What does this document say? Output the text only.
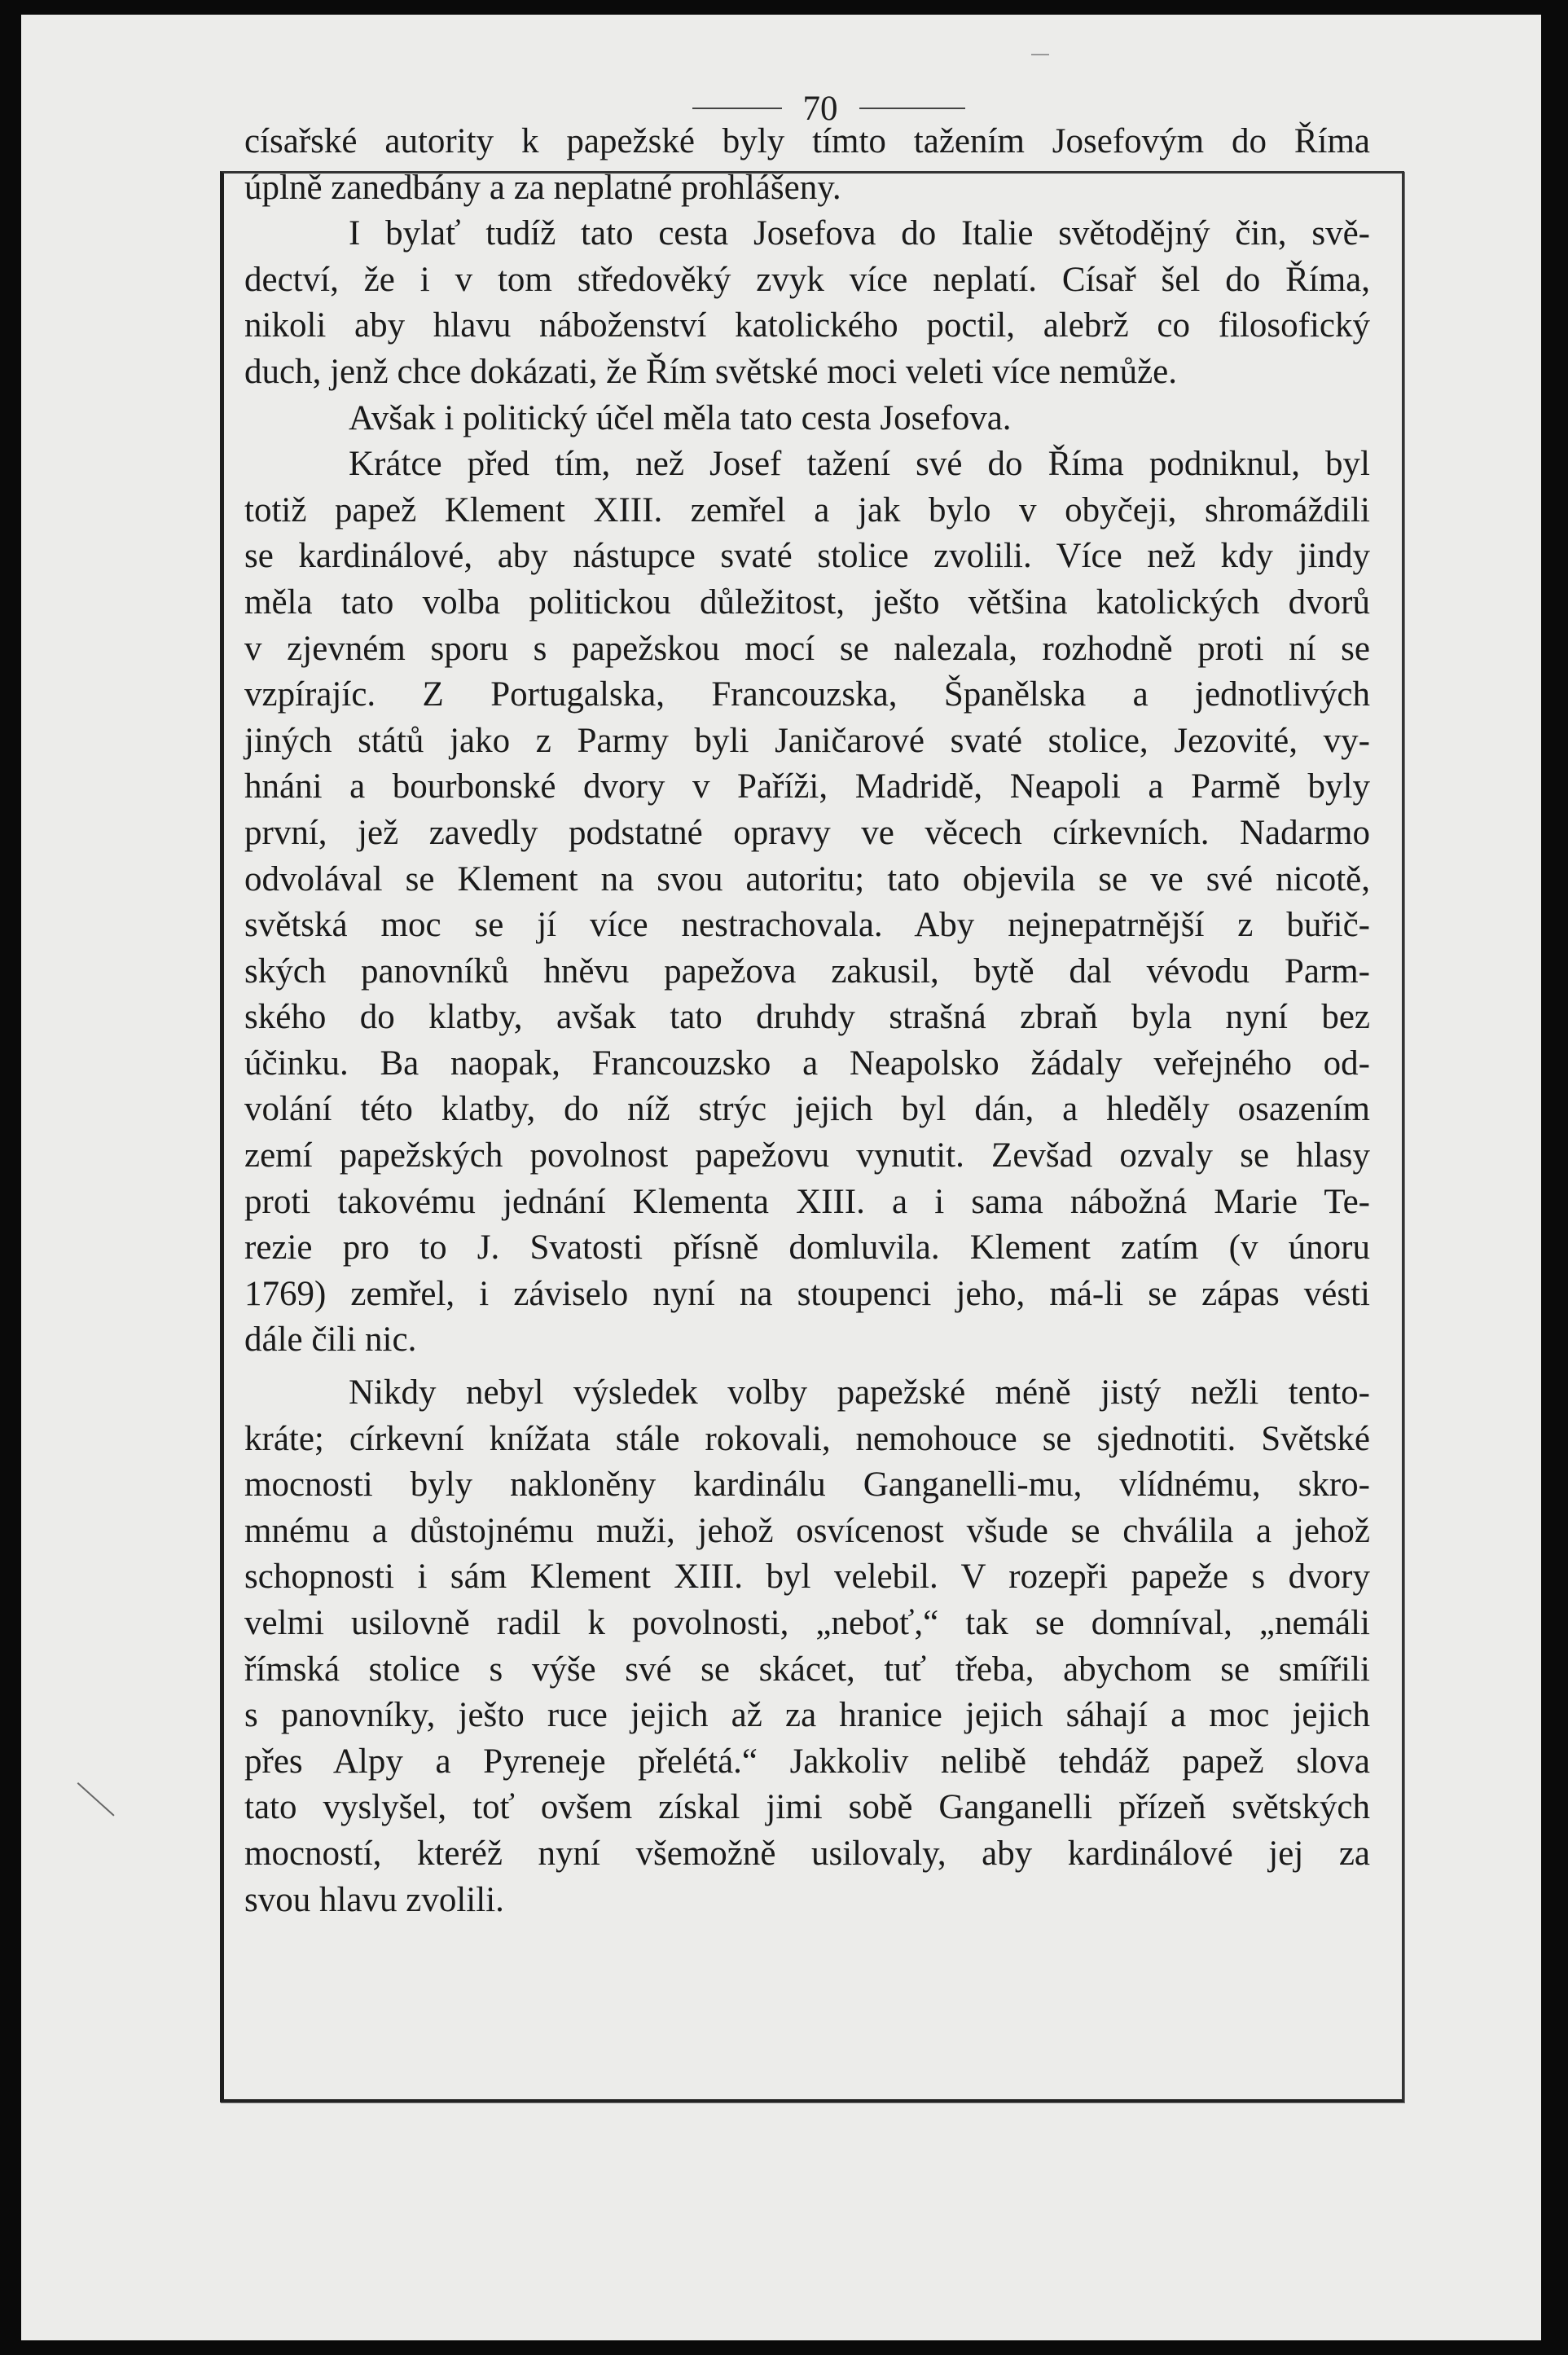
70

císařské autority k papežské byly tímto tažením Josefovým do Říma
úplně zanedbány a za neplatné prohlášeny.

I bylať tudíž tato cesta Josefova do Italie světodějný čin, svě-
dectví, že i v tom středověký zvyk více neplatí. Císař šel do Říma,
nikoli aby hlavu náboženství katolického poctil, alebrž co filosofický
duch, jenž chce dokázati, že Řím světské moci veleti více nemůže.

Avšak i politický účel měla tato cesta Josefova.

Krátce před tím, než Josef tažení své do Říma podniknul, byl
totiž papež Klement XIII. zemřel a jak bylo v obyčeji, shromáždili
se kardinálové, aby nástupce svaté stolice zvolili. Více než kdy jindy
měla tato volba politickou důležitost, ješto většina katolických dvorů
v zjevném sporu s papežskou mocí se nalezala, rozhodně proti ní se
vzpírajíc. Z Portugalska, Francouzska, Španělska a jednotlivých
jiných států jako z Parmy byli Janičarové svaté stolice, Jezovité, vy-
hnáni a bourbonské dvory v Paříži, Madridě, Neapoli a Parmě byly
první, jež zavedly podstatné opravy ve věcech církevních. Nadarmo
odvolával se Klement na svou autoritu; tato objevila se ve své nicotě,
světská moc se jí více nestrachovala. Aby nejnepatrnější z buřič-
ských panovníků hněvu papežova zakusil, bytě dal vévodu Parm-
ského do klatby, avšak tato druhdy strašná zbraň byla nyní bez
účinku. Ba naopak, Francouzsko a Neapolsko žádaly veřejného od-
volání této klatby, do níž strýc jejich byl dán, a hleděly osazením
zemí papežských povolnost papežovu vynutit. Zevšad ozvaly se hlasy
proti takovému jednání Klementa XIII. a i sama nábožná Marie Te-
rezie pro to J. Svatosti přísně domluvila. Klement zatím (v únoru
1769) zemřel, i záviselo nyní na stoupenci jeho, má-li se zápas vésti
dále čili nic.

Nikdy nebyl výsledek volby papežské méně jistý nežli tento-
kráte; církevní knížata stále rokovali, nemohouce se sjednotiti. Světské
mocnosti byly nakloněny kardinálu Ganganelli-mu, vlídnému, skro-
mnému a důstojnému muži, jehož osvícenost všude se chválila a jehož
schopnosti i sám Klement XIII. byl velebil. V rozepři papeže s dvory
velmi usilovně radil k povolnosti, „neboť,“ tak se domníval, „nemáli
římská stolice s výše své se skácet, tuť třeba, abychom se smířili
s panovníky, ješto ruce jejich až za hranice jejich sáhají a moc jejich
přes Alpy a Pyreneje přelétá.“ Jakkoliv nelibě tehdáž papež slova
tato vyslyšel, toť ovšem získal jimi sobě Ganganelli přízeň světských
mocností, kteréž nyní všemožně usilovaly, aby kardinálové jej za
svou hlavu zvolili.
